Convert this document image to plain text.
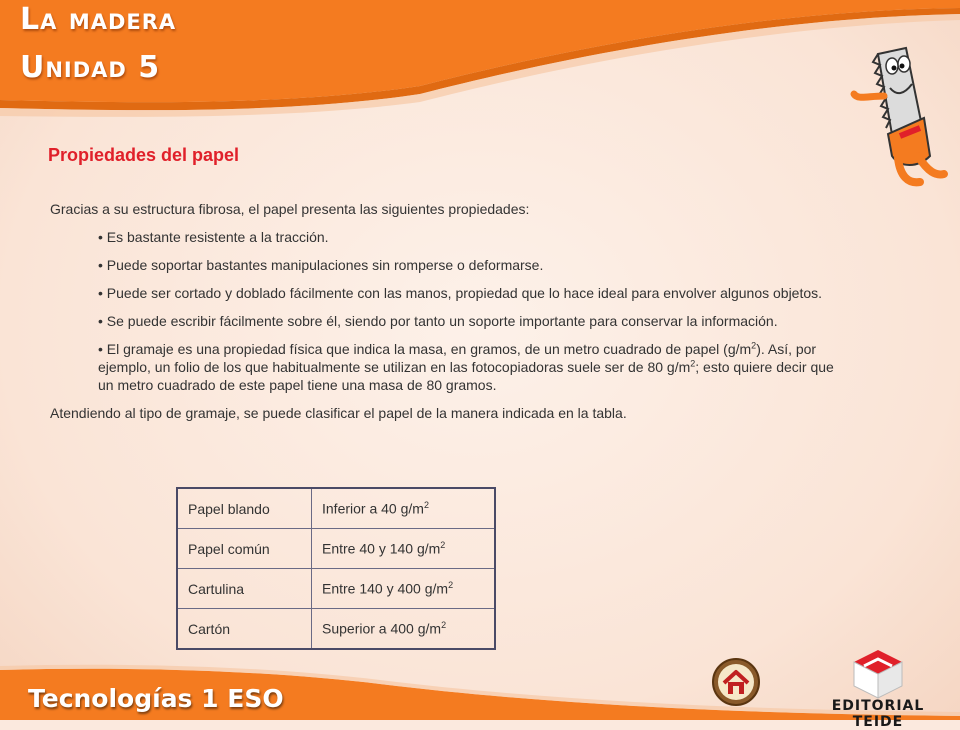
La madera
Unidad 5
Propiedades del papel

Gracias a su estructura fibrosa, el papel presenta las siguientes propiedades:

• Es bastante resistente a la tracción.
• Puede soportar bastantes manipulaciones sin romperse o deformarse.
• Puede ser cortado y doblado fácilmente con las manos, propiedad que lo hace ideal para envolver algunos objetos.
• Se puede escribir fácilmente sobre él, siendo por tanto un soporte importante para conservar la información.
• El gramaje es una propiedad física que indica la masa, en gramos, de un metro cuadrado de papel $(g/m^2)$. Así, por ejemplo, un folio de los que habitualmente se utilizan en las fotocopiadoras suele ser de 80 $g/m^2$; esto quiere decir que un metro cuadrado de este papel tiene una masa de 80 gramos.

Atendiendo al tipo de gramaje, se puede clasificar el papel de la manera indicada en la tabla.

Papel blando	Inferior a 40 $g/m^2$
Papel común	Entre 40 y 140 $g/m^2$
Cartulina	Entre 140 y 400 $g/m^2$
Cartón	Superior a 400 $g/m^2$

Tecnologías 1 ESO	EDITORIAL TEIDE
